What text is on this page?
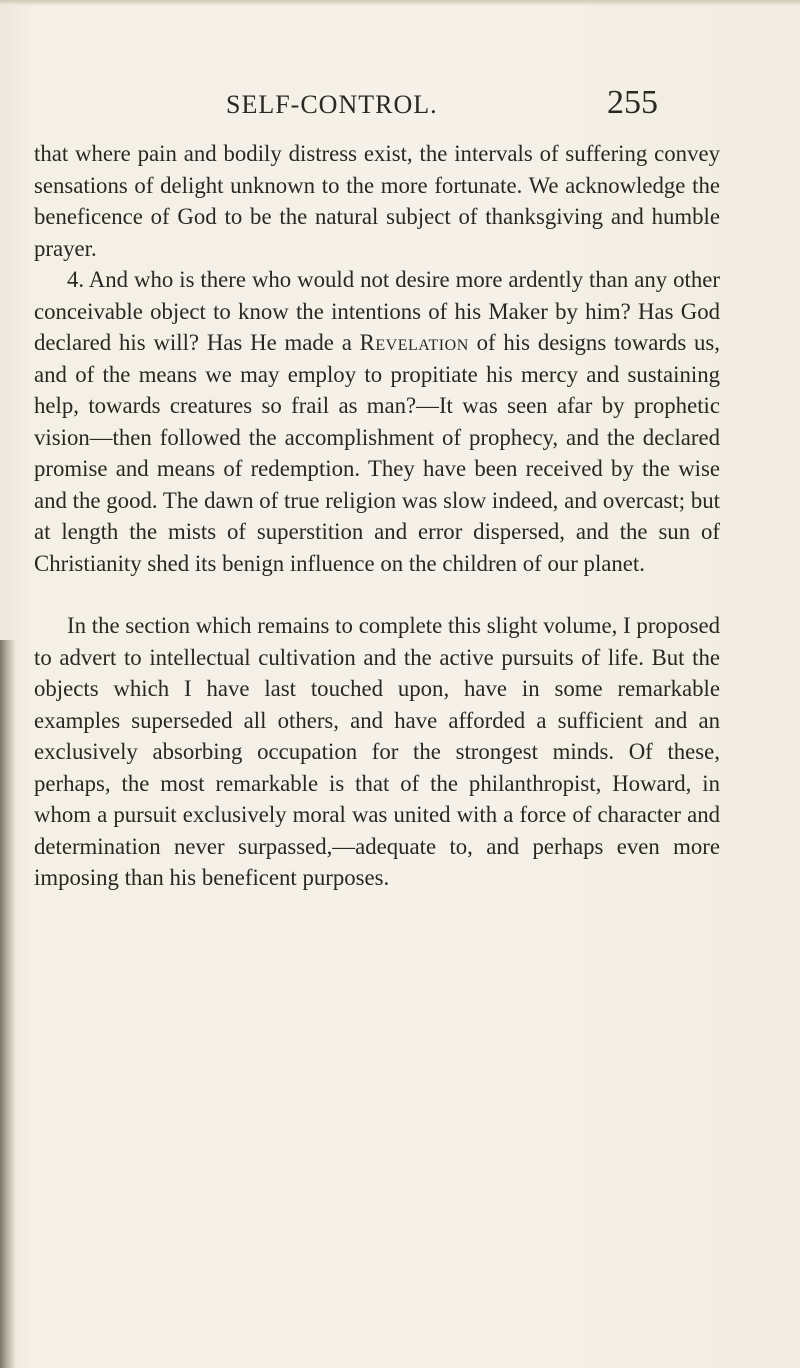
SELF-CONTROL.	255

that where pain and bodily distress exist, the intervals of suffering convey sensations of delight unknown to the more fortunate. We acknowledge the beneficence of God to be the natural subject of thanksgiving and humble prayer.

4. And who is there who would not desire more ardently than any other conceivable object to know the intentions of his Maker by him? Has God declared his will? Has He made a Revelation of his designs towards us, and of the means we may employ to propitiate his mercy and sustaining help, towards creatures so frail as man?—It was seen afar by prophetic vision—then followed the accomplishment of prophecy, and the declared promise and means of redemption. They have been received by the wise and the good. The dawn of true religion was slow indeed, and overcast; but at length the mists of superstition and error dispersed, and the sun of Christianity shed its benign influence on the children of our planet.

In the section which remains to complete this slight volume, I proposed to advert to intellectual cultivation and the active pursuits of life. But the objects which I have last touched upon, have in some remarkable examples superseded all others, and have afforded a sufficient and an exclusively absorbing occupation for the strongest minds. Of these, perhaps, the most remarkable is that of the philanthropist, Howard, in whom a pursuit exclusively moral was united with a force of character and determination never surpassed,—adequate to, and perhaps even more imposing than his beneficent purposes.
